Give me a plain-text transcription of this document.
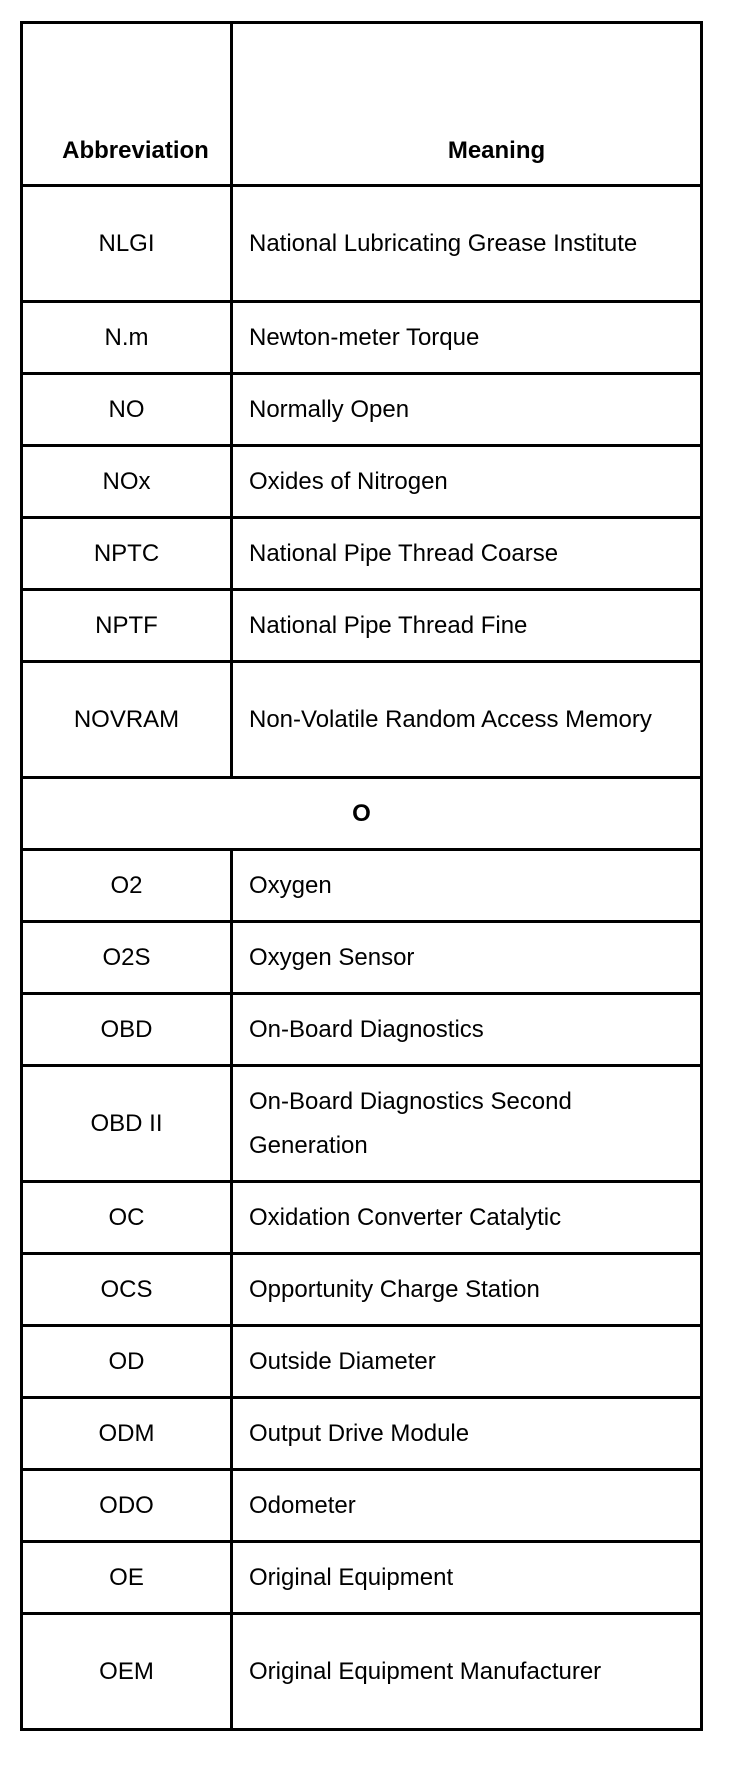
Abbreviation	Meaning
NLGI	National Lubricating Grease Institute
N.m	Newton-meter Torque
NO	Normally Open
NOx	Oxides of Nitrogen
NPTC	National Pipe Thread Coarse
NPTF	National Pipe Thread Fine
NOVRAM	Non-Volatile Random Access Memory
O	
O2	Oxygen
O2S	Oxygen Sensor
OBD	On-Board Diagnostics
OBD II	On-Board Diagnostics Second Generation
OC	Oxidation Converter Catalytic
OCS	Opportunity Charge Station
OD	Outside Diameter
ODM	Output Drive Module
ODO	Odometer
OE	Original Equipment
OEM	Original Equipment Manufacturer
